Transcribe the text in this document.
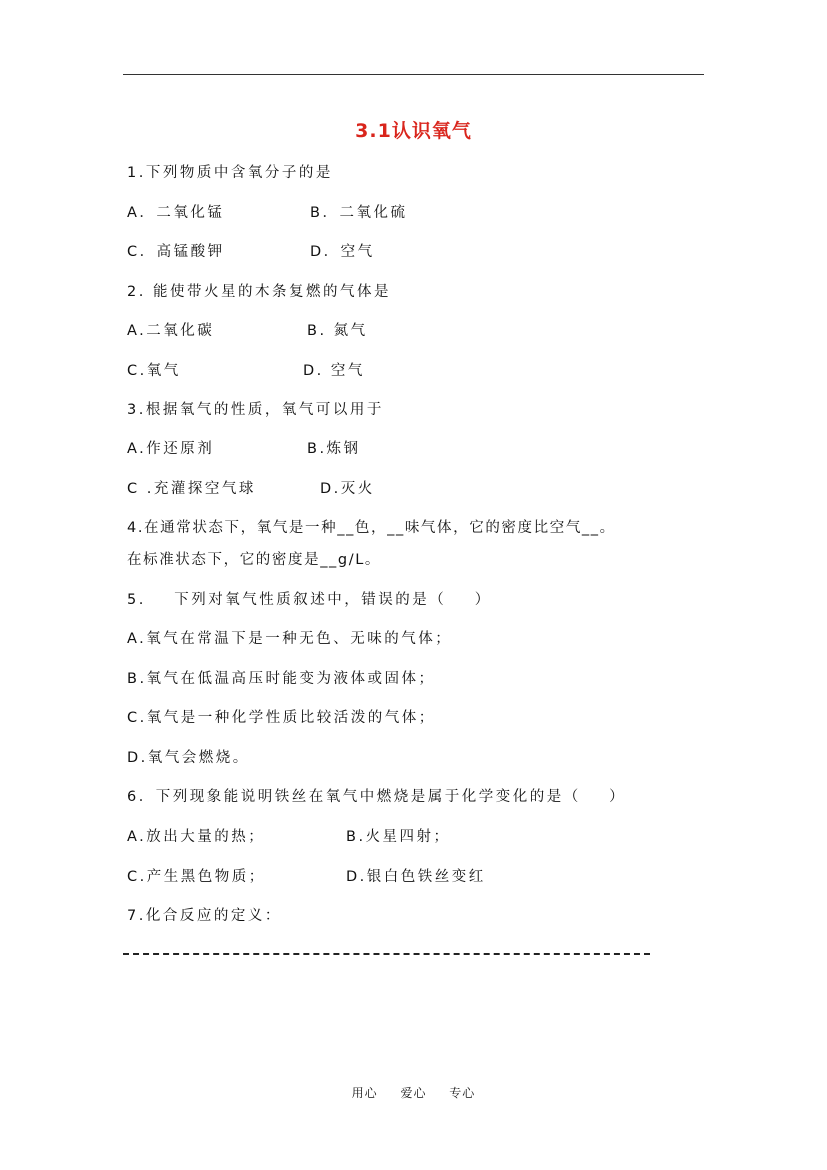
3.1认识氧气
1.下列物质中含氧分子的是
A．二氧化锰	B．二氧化硫
C．高锰酸钾	D．空气
2. 能使带火星的木条复燃的气体是
A.二氧化碳	B. 氮气
C.氧气	D. 空气
3.根据氧气的性质，氧气可以用于
A.作还原剂	B.炼钢
C .充灌探空气球	D.灭火
4.在通常状态下，氧气是一种__色，__味气体，它的密度比空气__。
在标准状态下，它的密度是__g/L。
5.    下列对氧气性质叙述中，错误的是（    ）
A.氧气在常温下是一种无色、无味的气体；
B.氧气在低温高压时能变为液体或固体；
C.氧气是一种化学性质比较活泼的气体；
D.氧气会燃烧。
6．下列现象能说明铁丝在氧气中燃烧是属于化学变化的是（    ）
A.放出大量的热；	B.火星四射；
C.产生黑色物质；	D.银白色铁丝变红
7.化合反应的定义：
用心 爱心 专心
